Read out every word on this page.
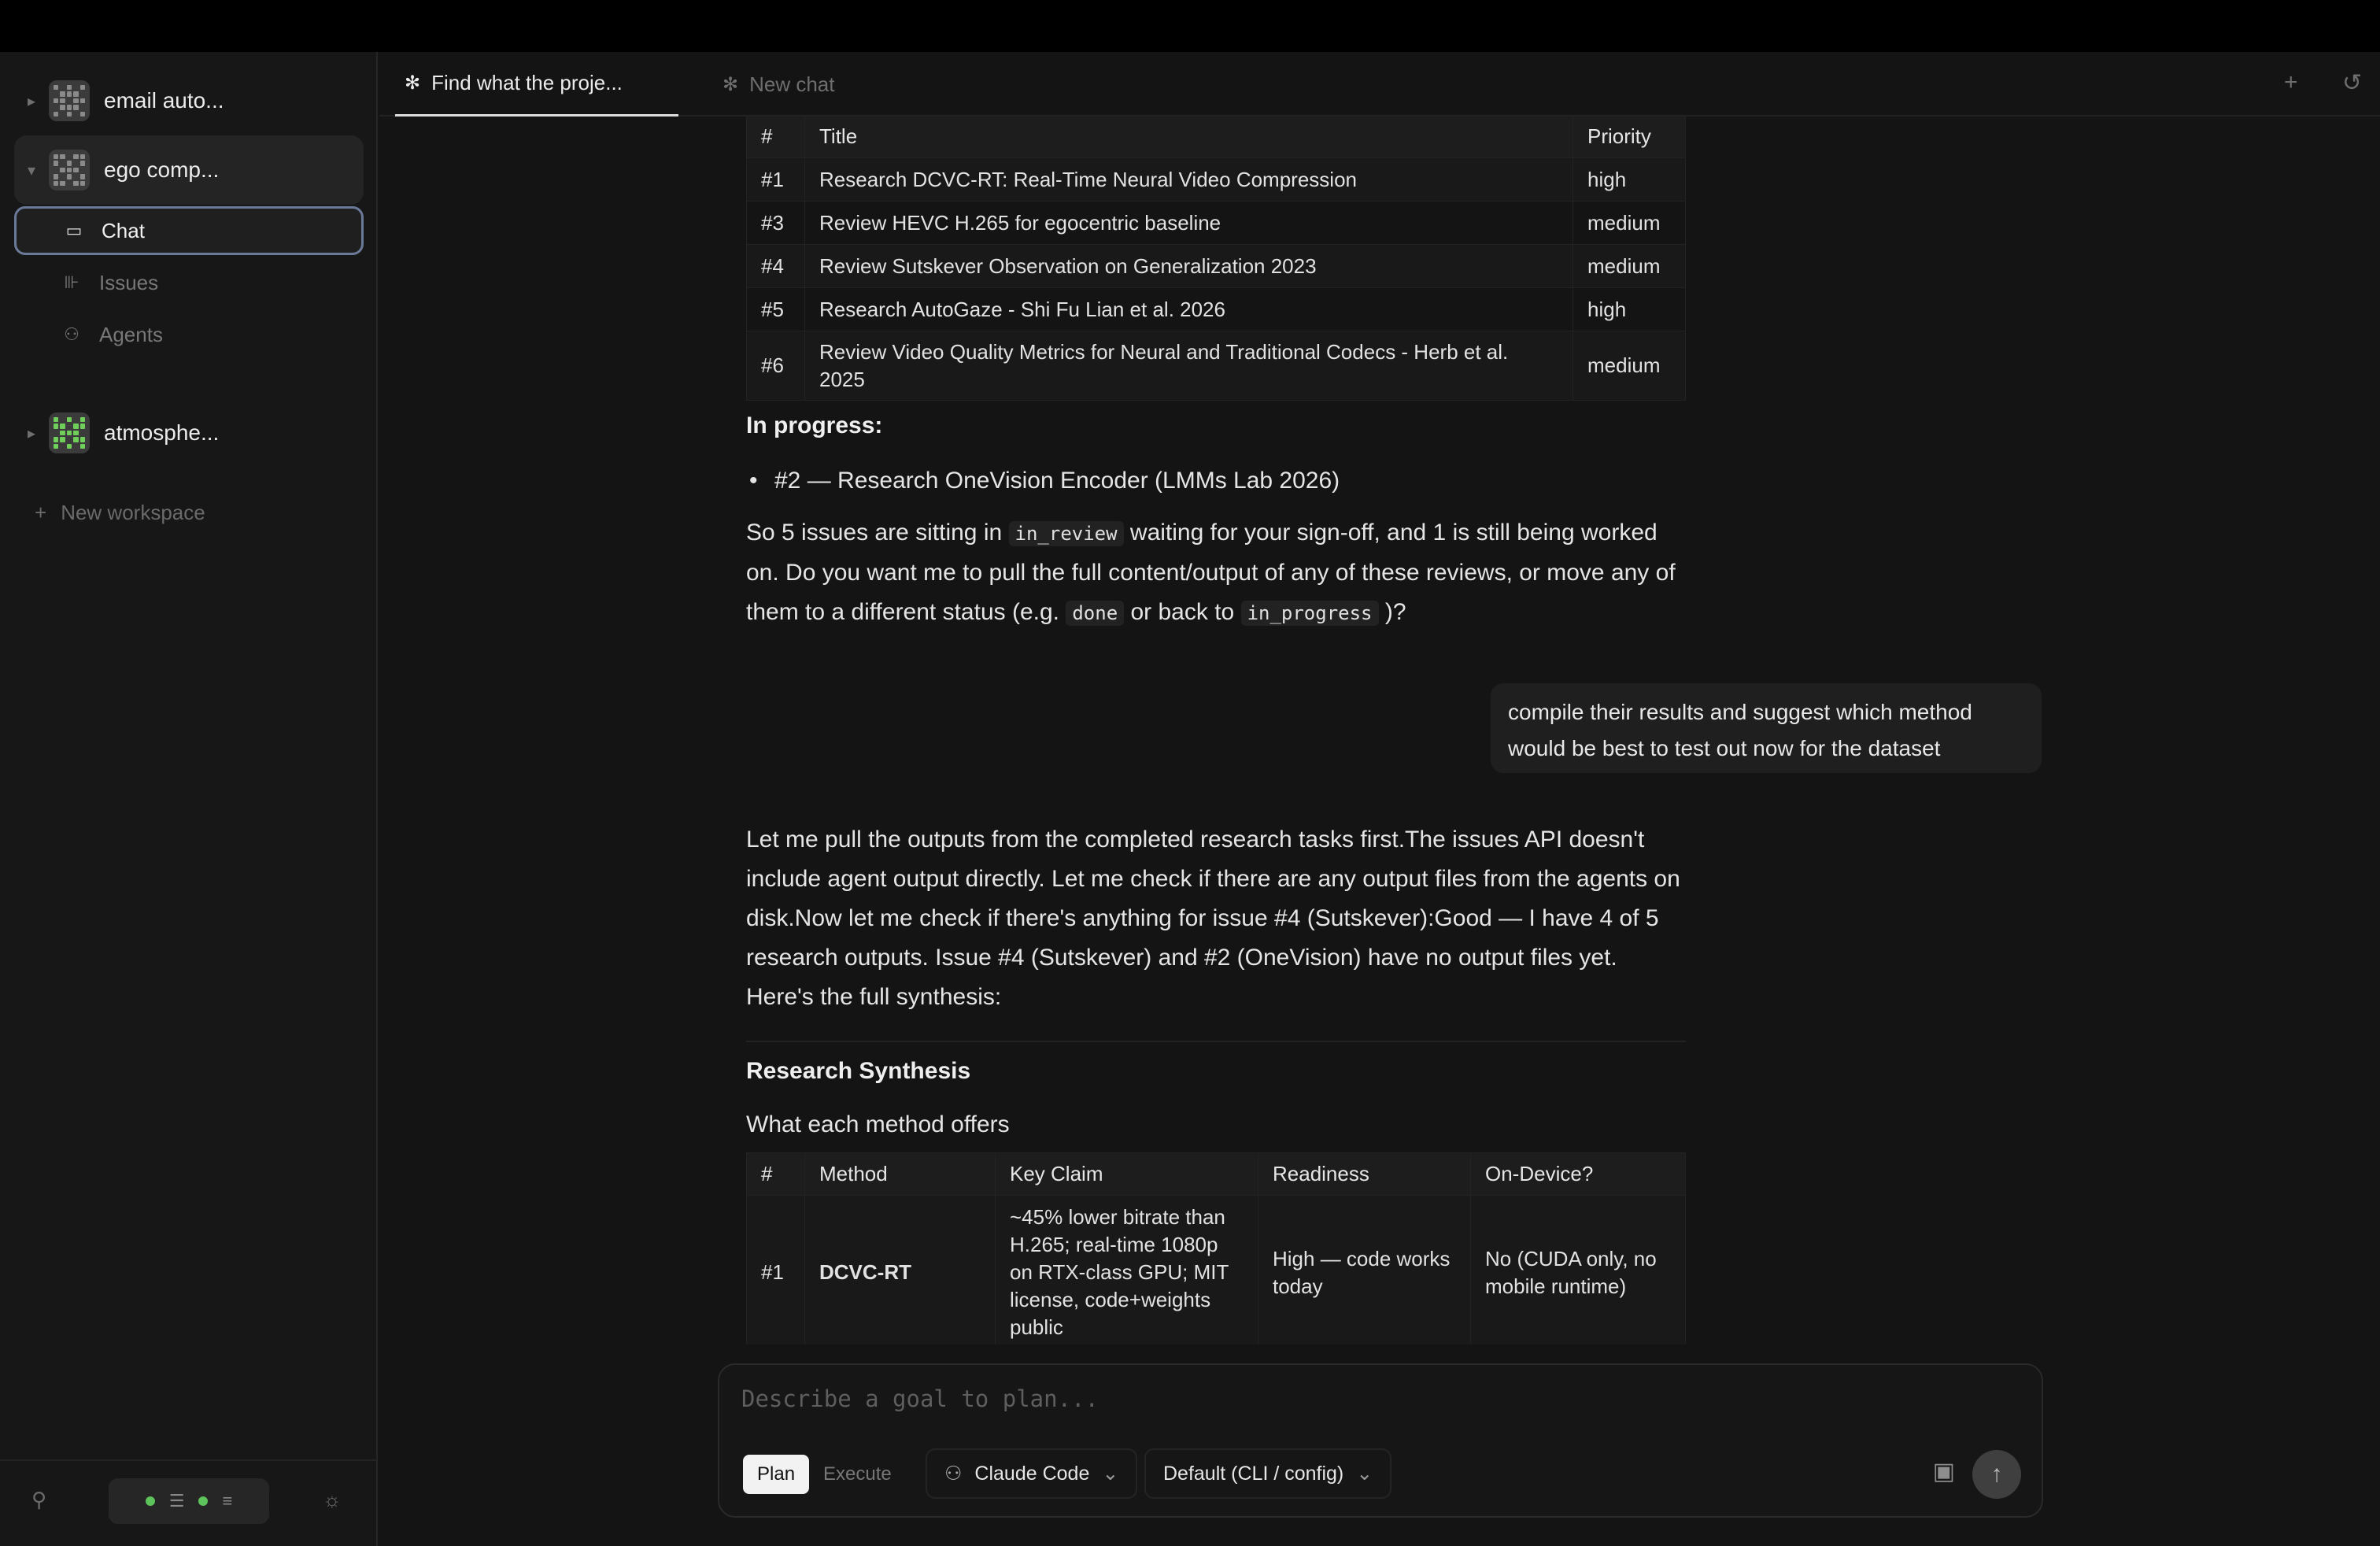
▸	email auto...
▾	ego comp...
▭ Chat
⊪ Issues
⚇ Agents
▸	atmosphe...
+ New workspace
⚲	☰ ≡	☼
✻ Find what the proje...	✻ New chat	+ ↺
#	Title	Priority
#1	Research DCVC-RT: Real-Time Neural Video Compression	high
#3	Review HEVC H.265 for egocentric baseline	medium
#4	Review Sutskever Observation on Generalization 2023	medium
#5	Research AutoGaze - Shi Fu Lian et al. 2026	high
#6	Review Video Quality Metrics for Neural and Traditional Codecs - Herb et al. 2025	medium
In progress:
• #2 — Research OneVision Encoder (LMMs Lab 2026)
So 5 issues are sitting in in_review waiting for your sign-off, and 1 is still being worked on. Do you want me to pull the full content/output of any of these reviews, or move any of them to a different status (e.g. done or back to in_progress )?
compile their results and suggest which method would be best to test out now for the dataset
Let me pull the outputs from the completed research tasks first.The issues API doesn't include agent output directly. Let me check if there are any output files from the agents on disk.Now let me check if there's anything for issue #4 (Sutskever):Good — I have 4 of 5 research outputs. Issue #4 (Sutskever) and #2 (OneVision) have no output files yet. Here's the full synthesis:
Research Synthesis
What each method offers
#	Method	Key Claim	Readiness	On-Device?
#1	DCVC-RT	~45% lower bitrate than H.265; real-time 1080p on RTX-class GPU; MIT license, code+weights public	High — code works today	No (CUDA only, no mobile runtime)
Describe a goal to plan...
Plan	Execute	⚇ Claude Code ⌄ Default (CLI / config) ⌄	▣ ↑
